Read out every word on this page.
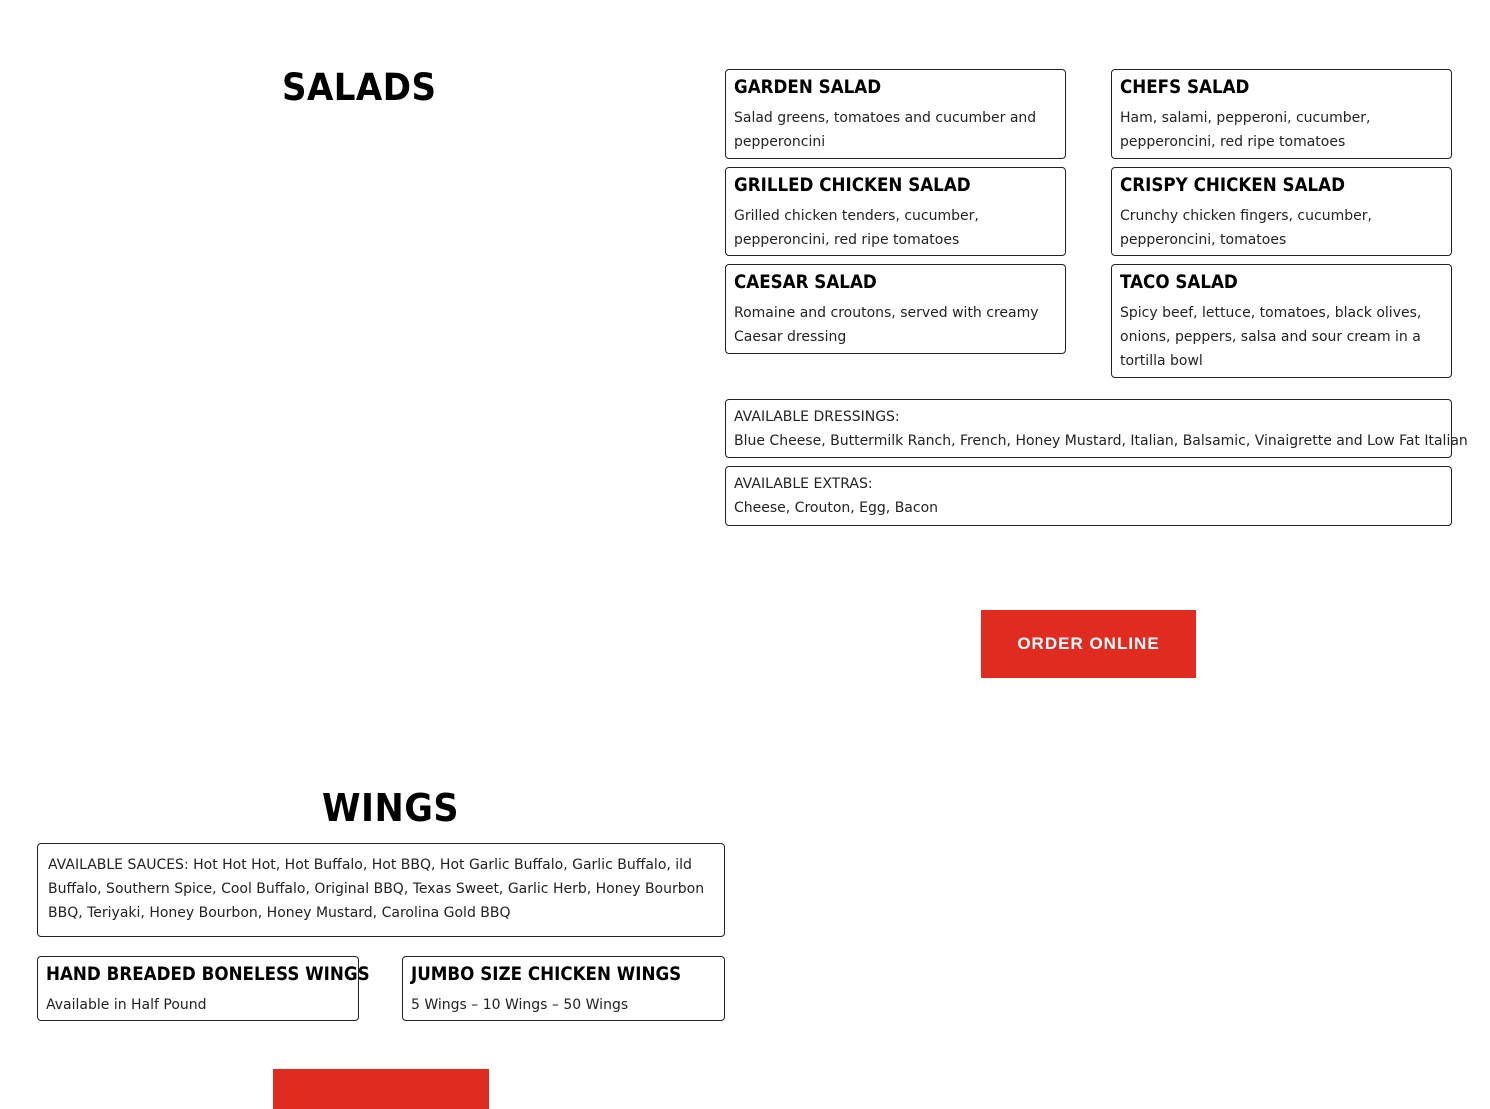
SALADS	GARDEN SALAD

Salad greens, tomatoes and cucumber and pepperoncini

CHEFS SALAD

Ham, salami, pepperoni, cucumber, pepperoncini, red ripe tomatoes

GRILLED CHICKEN SALAD

Grilled chicken tenders, cucumber, pepperoncini, red ripe tomatoes

CRISPY CHICKEN SALAD

Crunchy chicken fingers, cucumber, pepperoncini, tomatoes

CAESAR SALAD

Romaine and croutons, served with creamy Caesar dressing

TACO SALAD

Spicy beef, lettuce, tomatoes, black olives, onions, peppers, salsa and sour cream in a tortilla bowl

AVAILABLE DRESSINGS:
Blue Cheese, Buttermilk Ranch, French, Honey Mustard, Italian, Balsamic, Vinaigrette and Low Fat Italian
AVAILABLE EXTRAS:
Cheese, Crouton, Egg, Bacon
ORDER ONLINE
WINGS

AVAILABLE SAUCES: Hot Hot Hot, Hot Buffalo, Hot BBQ, Hot Garlic Buffalo, Garlic Buffalo, ild Buffalo, Southern Spice, Cool Buffalo, Original BBQ, Texas Sweet, Garlic Herb, Honey Bourbon BBQ, Teriyaki, Honey Bourbon, Honey Mustard, Carolina Gold BBQ

HAND BREADED BONELESS WINGS

Available in Half Pound

JUMBO SIZE CHICKEN WINGS

5 Wings – 10 Wings – 50 Wings
